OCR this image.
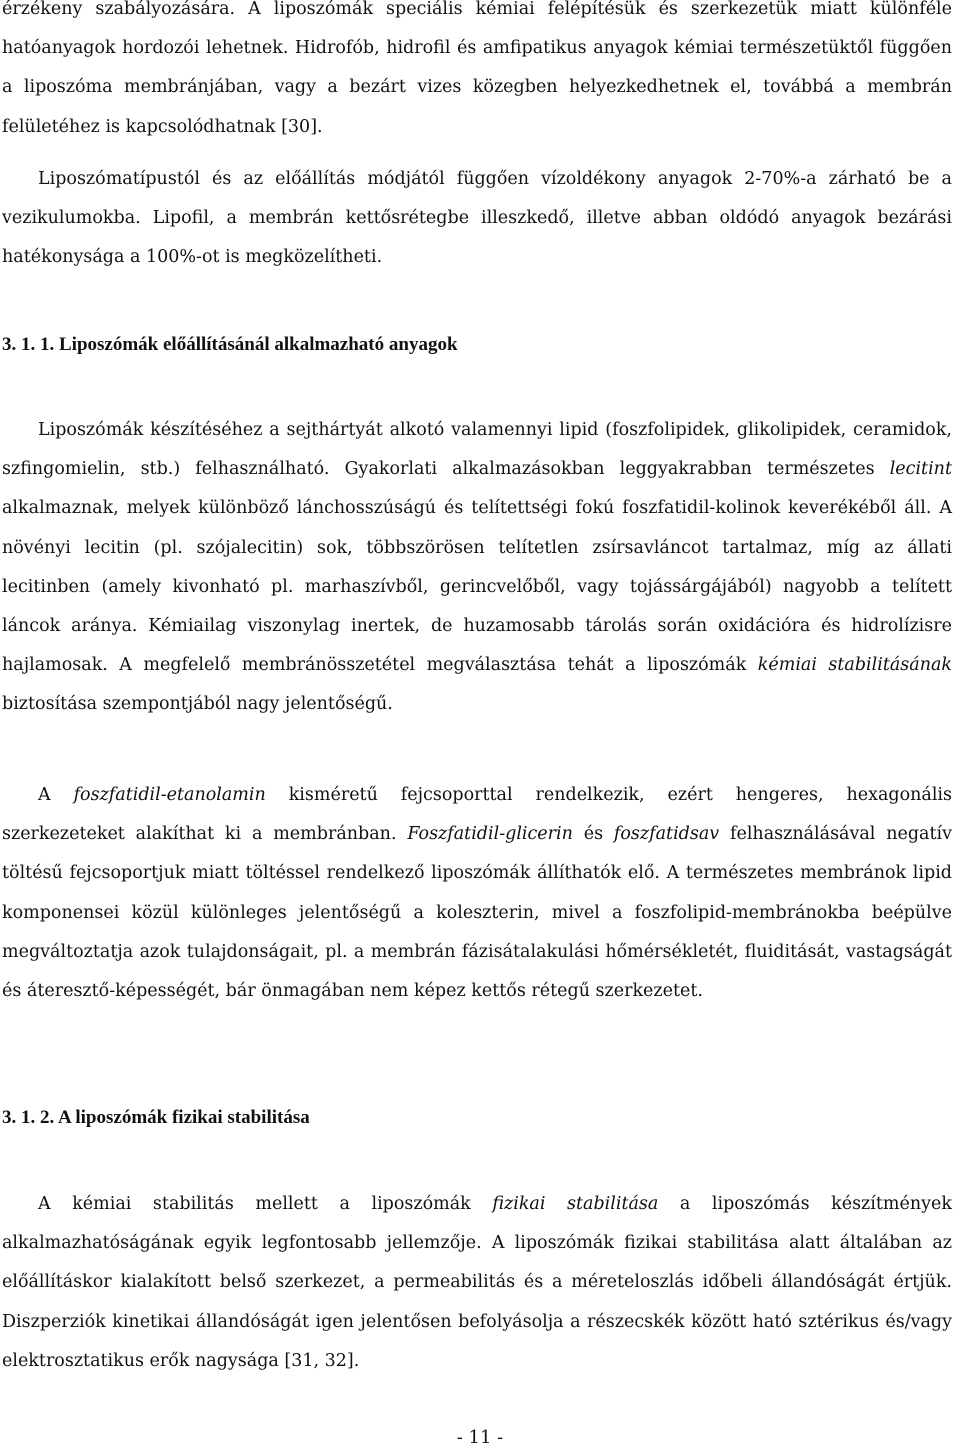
érzékeny szabályozására. A liposzómák speciális kémiai felépítésük és szerkezetük miatt különféle hatóanyagok hordozói lehetnek. Hidrofób, hidrofil és amfipatikus anyagok kémiai természetüktől függően a liposzóma membránjában, vagy a bezárt vizes közegben helyezkedhetnek el, továbbá a membrán felületéhez is kapcsolódhatnak [30].

Liposzómatípustól és az előállítás módjától függően vízoldékony anyagok 2-70%-a zárható be a vezikulumokba. Lipofil, a membrán kettősrétegbe illeszkedő, illetve abban oldódó anyagok bezárási hatékonysága a 100%-ot is megközelítheti.

3. 1. 1. Liposzómák előállításánál alkalmazható anyagok

Liposzómák készítéséhez a sejthártyát alkotó valamennyi lipid (foszfolipidek, glikolipidek, ceramidok, szfingomielin, stb.) felhasználható. Gyakorlati alkalmazásokban leggyakrabban természetes lecitint alkalmaznak, melyek különböző lánchosszúságú és telítettségi fokú foszfatidil-kolinok keverékéből áll. A növényi lecitin (pl. szójalecitin) sok, többszörösen telítetlen zsírsavláncot tartalmaz, míg az állati lecitinben (amely kivonható pl. marhaszívből, gerincvelőből, vagy tojássárgájából) nagyobb a telített láncok aránya. Kémiailag viszonylag inertek, de huzamosabb tárolás során oxidációra és hidrolízisre hajlamosak. A megfelelő membránösszetétel megválasztása tehát a liposzómák kémiai stabilitásának biztosítása szempontjából nagy jelentőségű.

A foszfatidil-etanolamin kisméretű fejcsoporttal rendelkezik, ezért hengeres, hexagonális szerkezeteket alakíthat ki a membránban. Foszfatidil-glicerin és foszfatidsav felhasználásával negatív töltésű fejcsoportjuk miatt töltéssel rendelkező liposzómák állíthatók elő. A természetes membránok lipid komponensei közül különleges jelentőségű a koleszterin, mivel a foszfolipid-membránokba beépülve megváltoztatja azok tulajdonságait, pl. a membrán fázisátalakulási hőmérsékletét, fluiditását, vastagságát és áteresztő-képességét, bár önmagában nem képez kettős rétegű szerkezetet.

3. 1. 2. A liposzómák fizikai stabilitása

A kémiai stabilitás mellett a liposzómák fizikai stabilitása a liposzómás készítmények alkalmazhatóságának egyik legfontosabb jellemzője. A liposzómák fizikai stabilitása alatt általában az előállításkor kialakított belső szerkezet, a permeabilitás és a méreteloszlás időbeli állandóságát értjük. Diszperziók kinetikai állandóságát igen jelentősen befolyásolja a részecskék között ható sztérikus és/vagy elektrosztatikus erők nagysága [31, 32].

- 11 -
